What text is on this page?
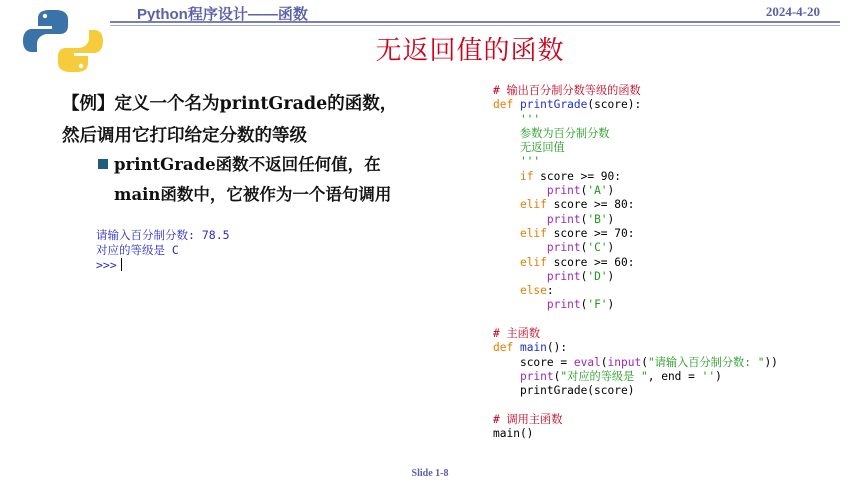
Python程序设计——函数	2024-4-20
无返回值的函数
【例】定义一个名为printGrade的函数，
然后调用它打印给定分数的等级
printGrade函数不返回任何值，在
main函数中，它被作为一个语句调用
请输入百分制分数: 78.5
对应的等级是 C
>>>
# 输出百分制分数等级的函数
def printGrade(score):
'''
参数为百分制分数
无返回值
'''
if score >= 90:
print('A')
elif score >= 80:
print('B')
elif score >= 70:
print('C')
elif score >= 60:
print('D')
else:
print('F')
# 主函数
def main():
score = eval(input("请输入百分制分数: "))
print("对应的等级是 ", end = '')
printGrade(score)
# 调用主函数
main()
Slide 1-8
